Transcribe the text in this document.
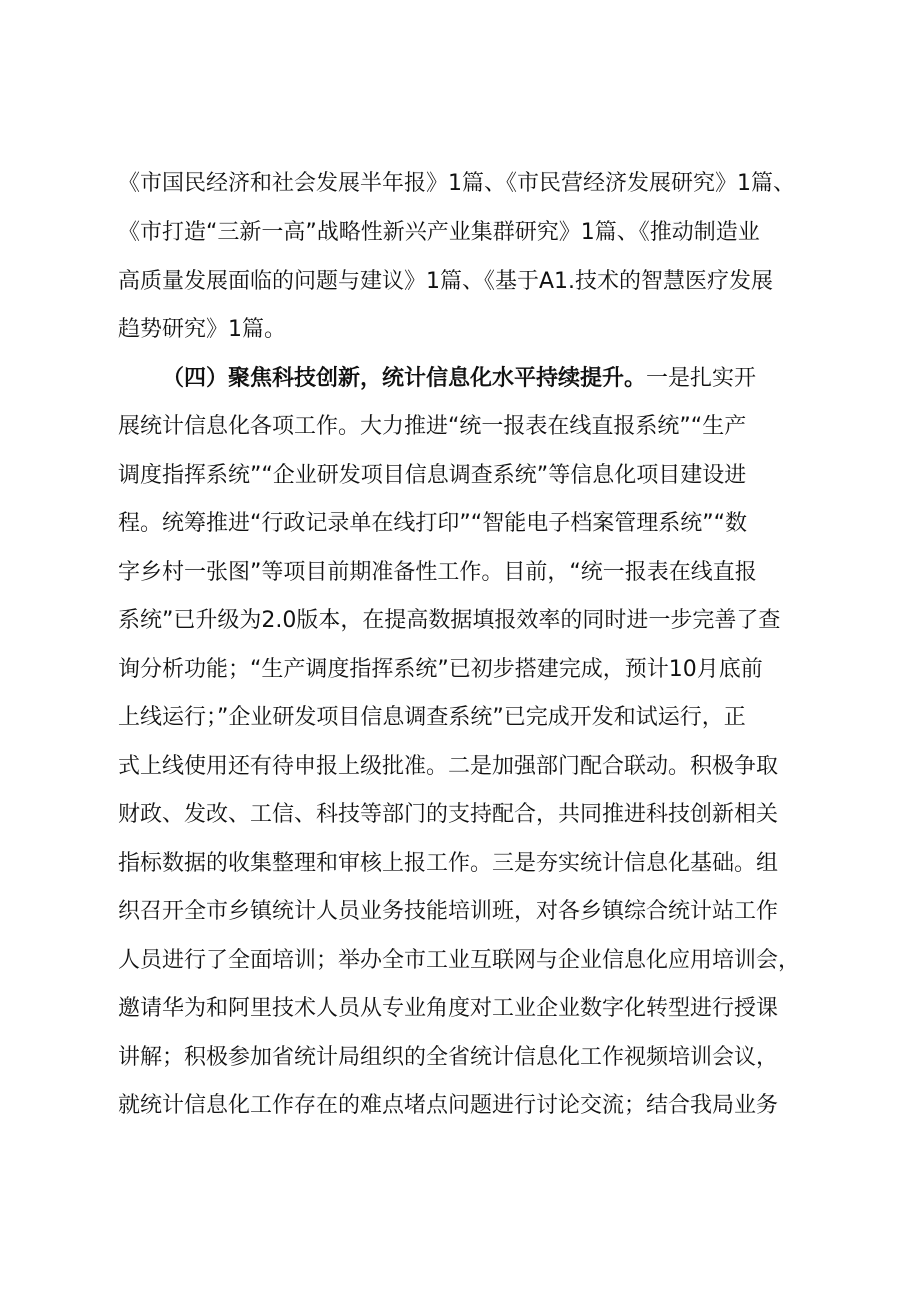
《市国民经济和社会发展半年报》1篇、《市民营经济发展研究》1篇、
《市打造“三新一高”战略性新兴产业集群研究》1篇、《推动制造业
高质量发展面临的问题与建议》1篇、《基于A1.技术的智慧医疗发展
趋势研究》1篇。
（四）聚焦科技创新，统计信息化水平持续提升。一是扎实开
展统计信息化各项工作。大力推进“统一报表在线直报系统”“生产
调度指挥系统”“企业研发项目信息调查系统”等信息化项目建设进
程。统筹推进“行政记录单在线打印”“智能电子档案管理系统”“数
字乡村一张图”等项目前期准备性工作。目前，“统一报表在线直报
系统”已升级为2.0版本，在提高数据填报效率的同时进一步完善了查
询分析功能；“生产调度指挥系统”已初步搭建完成，预计10月底前
上线运行；”企业研发项目信息调查系统”已完成开发和试运行，正
式上线使用还有待申报上级批准。二是加强部门配合联动。积极争取
财政、发改、工信、科技等部门的支持配合，共同推进科技创新相关
指标数据的收集整理和审核上报工作。三是夯实统计信息化基础。组
织召开全市乡镇统计人员业务技能培训班，对各乡镇综合统计站工作
人员进行了全面培训；举办全市工业互联网与企业信息化应用培训会，
邀请华为和阿里技术人员从专业角度对工业企业数字化转型进行授课
讲解；积极参加省统计局组织的全省统计信息化工作视频培训会议，
就统计信息化工作存在的难点堵点问题进行讨论交流；结合我局业务
